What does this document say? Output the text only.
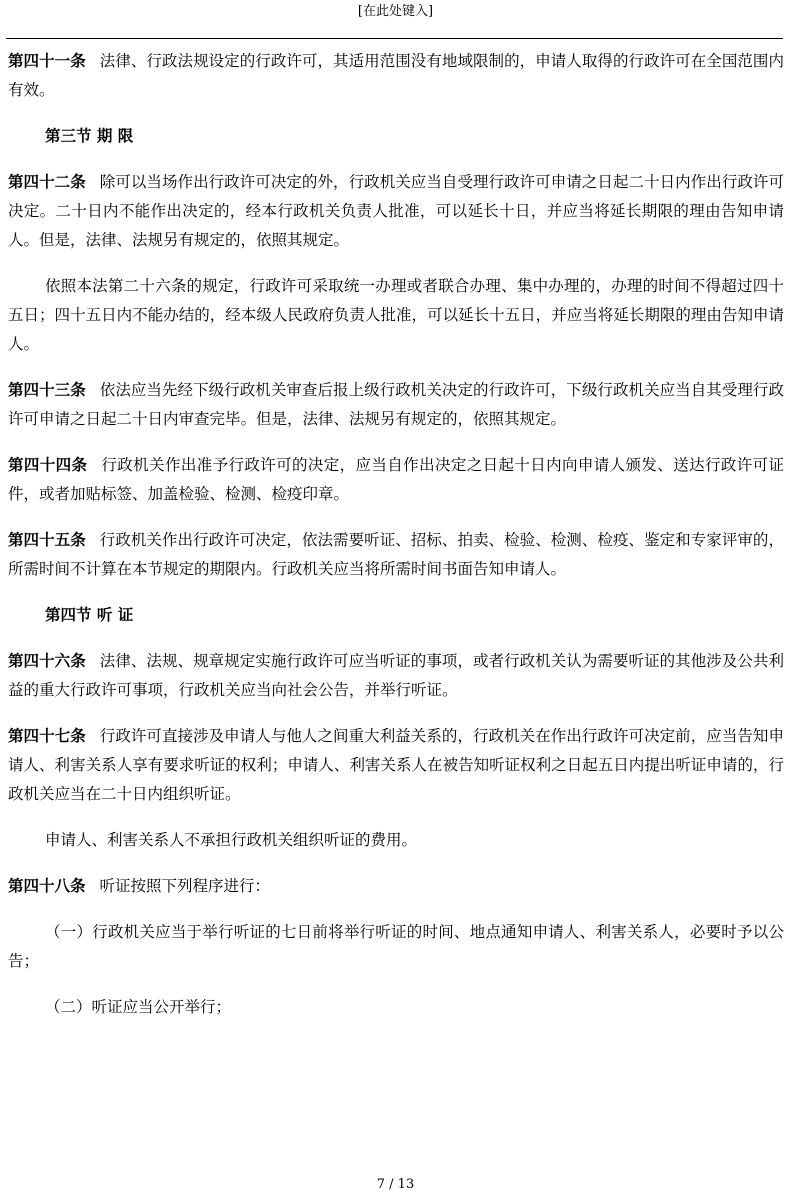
[在此处键入]

第四十一条 法律、行政法规设定的行政许可，其适用范围没有地域限制的，申请人取得的行政许可在全国范围内有效。

第三节 期 限

第四十二条 除可以当场作出行政许可决定的外，行政机关应当自受理行政许可申请之日起二十日内作出行政许可决定。二十日内不能作出决定的，经本行政机关负责人批准，可以延长十日，并应当将延长期限的理由告知申请人。但是，法律、法规另有规定的，依照其规定。

依照本法第二十六条的规定，行政许可采取统一办理或者联合办理、集中办理的，办理的时间不得超过四十五日；四十五日内不能办结的，经本级人民政府负责人批准，可以延长十五日，并应当将延长期限的理由告知申请人。

第四十三条 依法应当先经下级行政机关审查后报上级行政机关决定的行政许可，下级行政机关应当自其受理行政许可申请之日起二十日内审查完毕。但是，法律、法规另有规定的，依照其规定。

第四十四条 行政机关作出准予行政许可的决定，应当自作出决定之日起十日内向申请人颁发、送达行政许可证件，或者加贴标签、加盖检验、检测、检疫印章。

第四十五条 行政机关作出行政许可决定，依法需要听证、招标、拍卖、检验、检测、检疫、鉴定和专家评审的，所需时间不计算在本节规定的期限内。行政机关应当将所需时间书面告知申请人。

第四节 听 证

第四十六条 法律、法规、规章规定实施行政许可应当听证的事项，或者行政机关认为需要听证的其他涉及公共利益的重大行政许可事项，行政机关应当向社会公告，并举行听证。

第四十七条 行政许可直接涉及申请人与他人之间重大利益关系的，行政机关在作出行政许可决定前，应当告知申请人、利害关系人享有要求听证的权利；申请人、利害关系人在被告知听证权利之日起五日内提出听证申请的，行政机关应当在二十日内组织听证。

申请人、利害关系人不承担行政机关组织听证的费用。

第四十八条 听证按照下列程序进行：

（一）行政机关应当于举行听证的七日前将举行听证的时间、地点通知申请人、利害关系人，必要时予以公告；

（二）听证应当公开举行；

7 / 13
